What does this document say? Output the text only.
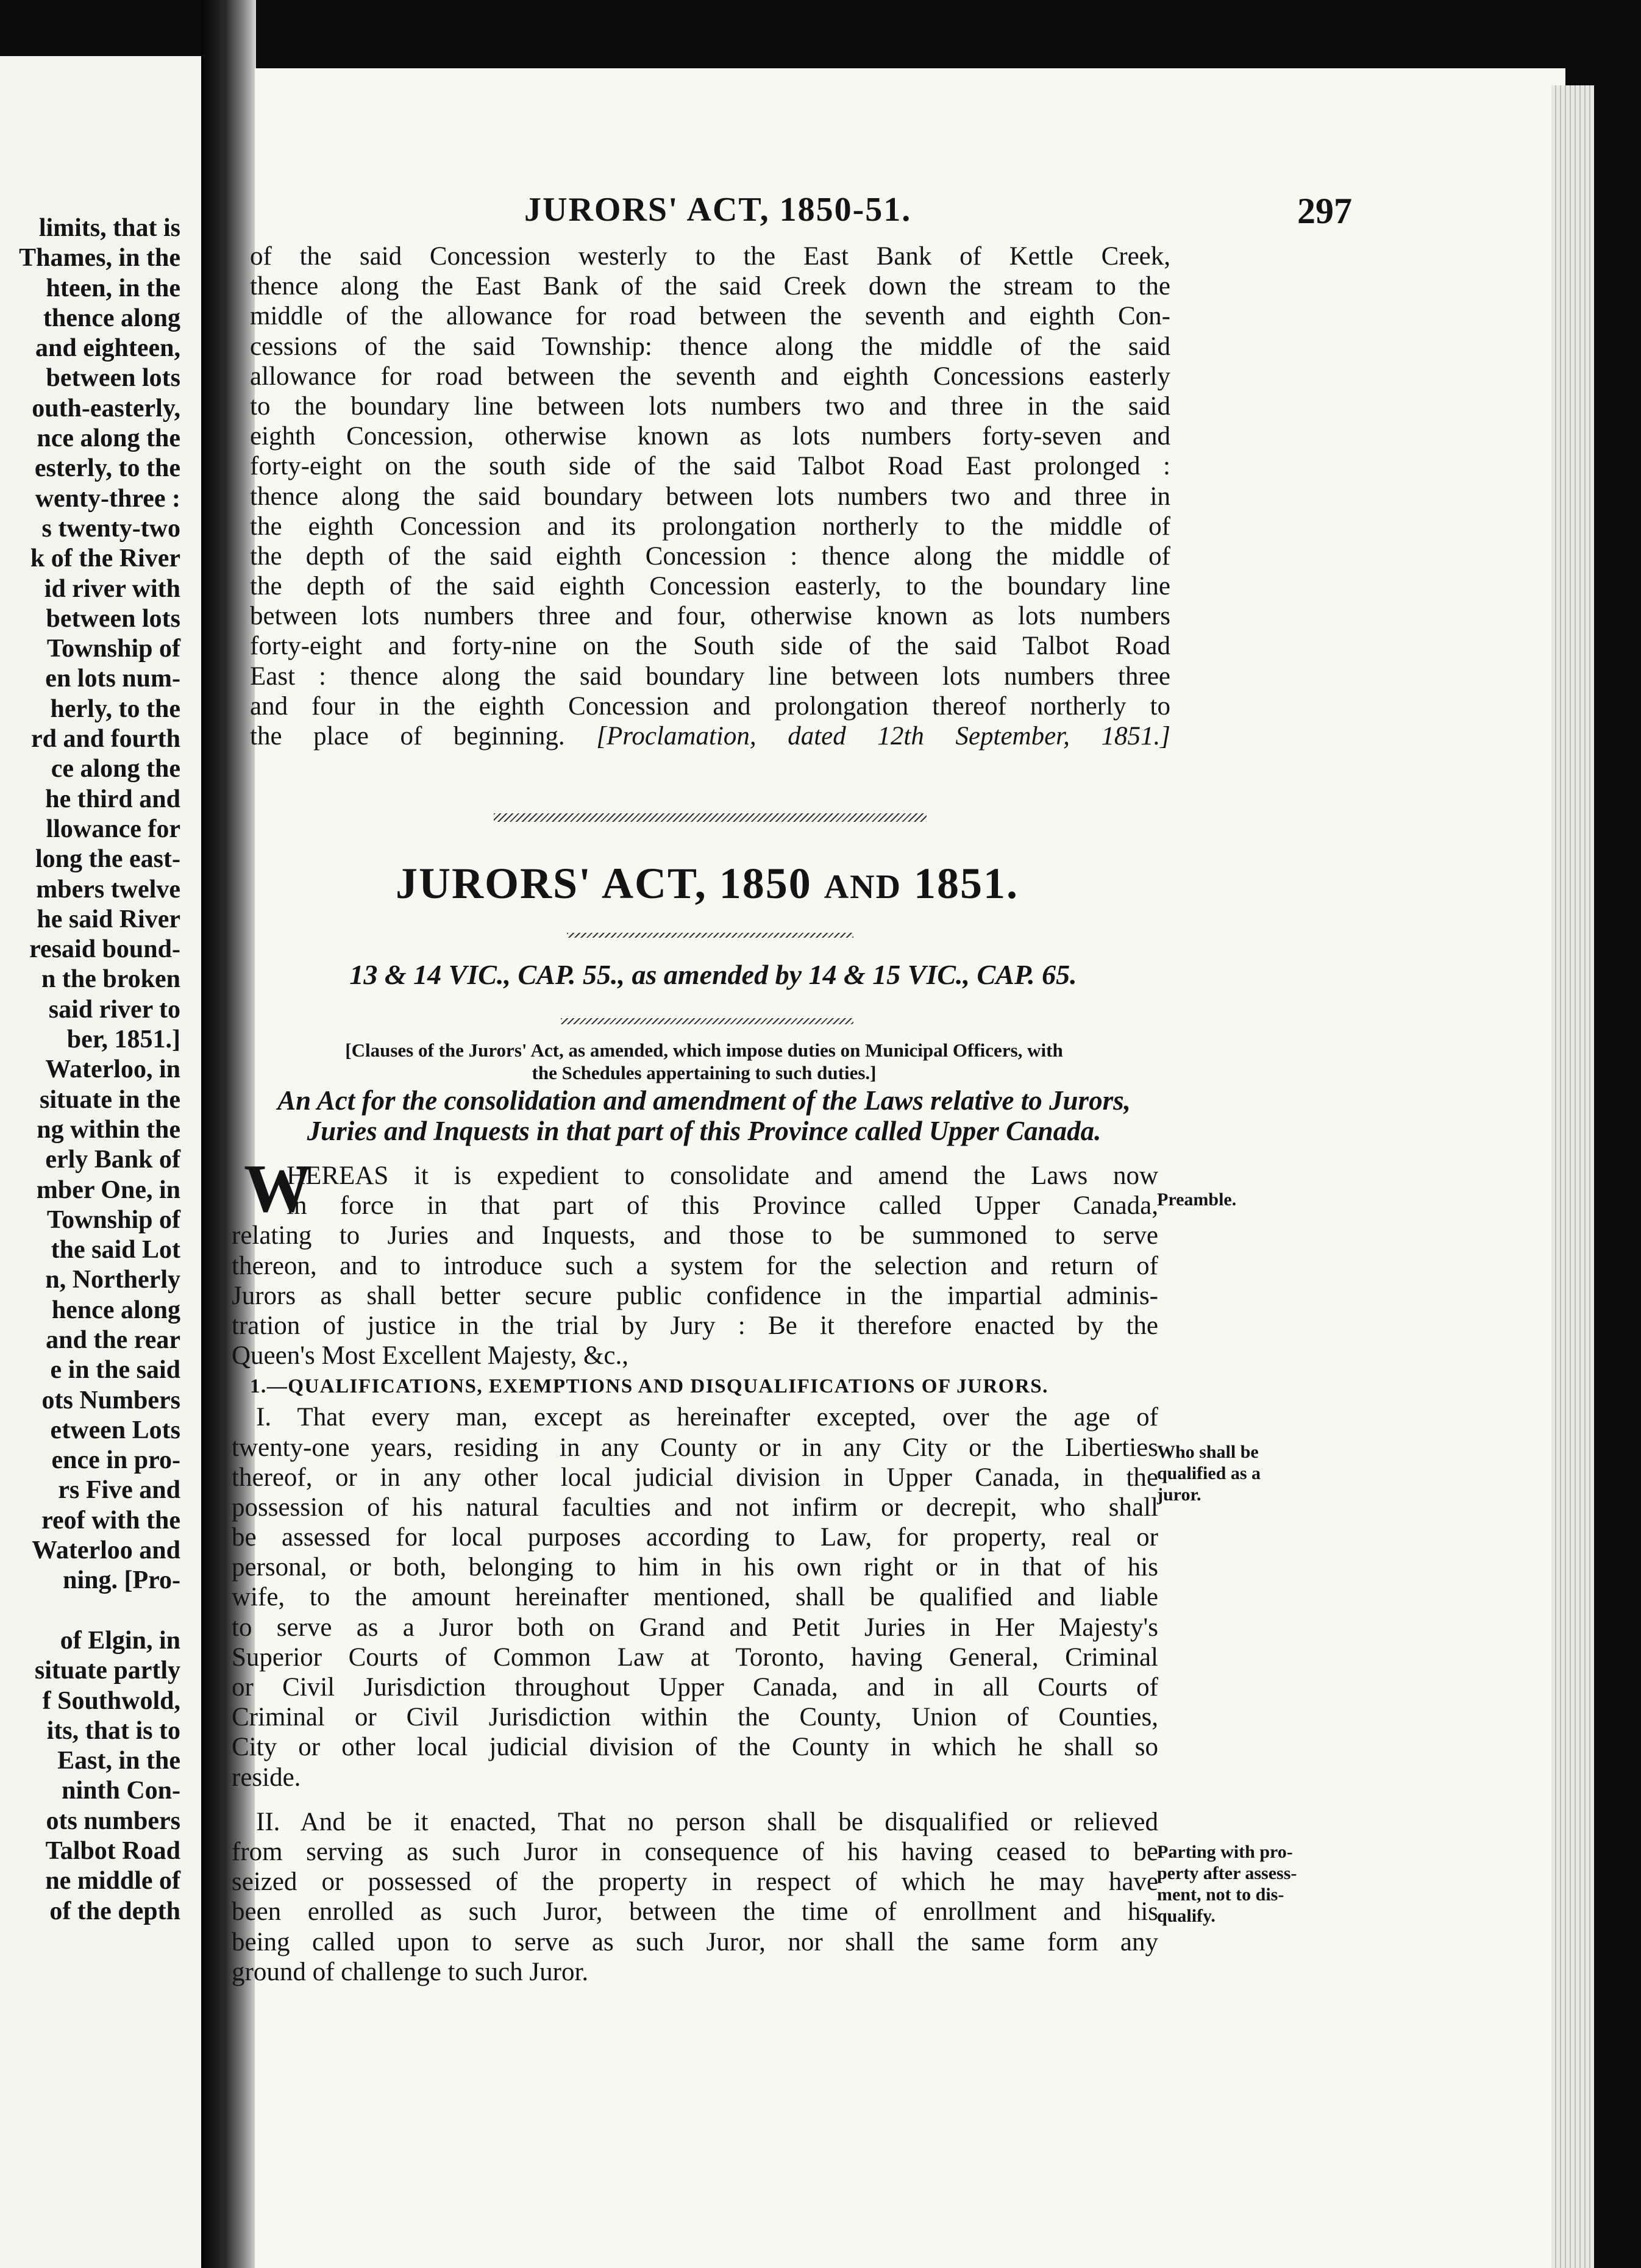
limits, that is
Thames, in the
hteen, in the
thence along
and eighteen,
between lots
outh-easterly,
nce along the
esterly, to the
wenty-three :
s twenty-two
k of the River
id river with
between lots
Township of
en lots num-
herly, to the
rd and fourth
ce along the
he third and
llowance for
long the east-
mbers twelve
he said River
resaid bound-
n the broken
said river to
ber, 1851.]
Waterloo, in
situate in the
ng within the
erly Bank of
mber One, in
Township of
the said Lot
n, Northerly
hence along
and the rear
e in the said
ots Numbers
etween Lots
ence in pro-
rs Five and
reof with the
Waterloo and
ning. [Pro-

of Elgin, in
situate partly
f Southwold,
its, that is to
East, in the
ninth Con-
ots numbers
Talbot Road
ne middle of
of the depth
JURORS' ACT, 1850-51.	297
of the said Concession westerly to the East Bank of Kettle Creek,
thence along the East Bank of the said Creek down the stream to the
middle of the allowance for road between the seventh and eighth Con-
cessions of the said Township: thence along the middle of the said
allowance for road between the seventh and eighth Concessions easterly
to the boundary line between lots numbers two and three in the said
eighth Concession, otherwise known as lots numbers forty-seven and
forty-eight on the south side of the said Talbot Road East prolonged :
thence along the said boundary between lots numbers two and three in
the eighth Concession and its prolongation northerly to the middle of
the depth of the said eighth Concession : thence along the middle of
the depth of the said eighth Concession easterly, to the boundary line
between lots numbers three and four, otherwise known as lots numbers
forty-eight and forty-nine on the South side of the said Talbot Road
East : thence along the said boundary line between lots numbers three
and four in the eighth Concession and prolongation thereof northerly to
the place of beginning. [Proclamation, dated 12th September, 1851.]
JURORS' ACT, 1850 AND 1851.
13 & 14 VIC., CAP. 55., as amended by 14 & 15 VIC., CAP. 65.
[Clauses of the Jurors' Act, as amended, which impose duties on Municipal Officers, with
the Schedules appertaining to such duties.]
An Act for the consolidation and amendment of the Laws relative to Jurors,
Juries and Inquests in that part of this Province called Upper Canada.
W
HEREAS it is expedient to consolidate and amend the Laws now
in force in that part of this Province called Upper Canada,
relating to Juries and Inquests, and those to be summoned to serve
thereon, and to introduce such a system for the selection and return of
Jurors as shall better secure public confidence in the impartial adminis-
tration of justice in the trial by Jury : Be it therefore enacted by the
Queen's Most Excellent Majesty, &c.,
1.—QUALIFICATIONS, EXEMPTIONS AND DISQUALIFICATIONS OF JURORS.
I. That every man, except as hereinafter excepted, over the age of
twenty-one years, residing in any County or in any City or the Liberties
thereof, or in any other local judicial division in Upper Canada, in the
possession of his natural faculties and not infirm or decrepit, who shall
be assessed for local purposes according to Law, for property, real or
personal, or both, belonging to him in his own right or in that of his
wife, to the amount hereinafter mentioned, shall be qualified and liable
to serve as a Juror both on Grand and Petit Juries in Her Majesty's
Superior Courts of Common Law at Toronto, having General, Criminal
or Civil Jurisdiction throughout Upper Canada, and in all Courts of
Criminal or Civil Jurisdiction within the County, Union of Counties,
City or other local judicial division of the County in which he shall so
reside.
II. And be it enacted, That no person shall be disqualified or relieved
from serving as such Juror in consequence of his having ceased to be
seized or possessed of the property in respect of which he may have
been enrolled as such Juror, between the time of enrollment and his
being called upon to serve as such Juror, nor shall the same form any
ground of challenge to such Juror.
Preamble.
Who shall be
qualified as a
juror.
Parting with pro-
perty after assess-
ment, not to dis-
qualify.
